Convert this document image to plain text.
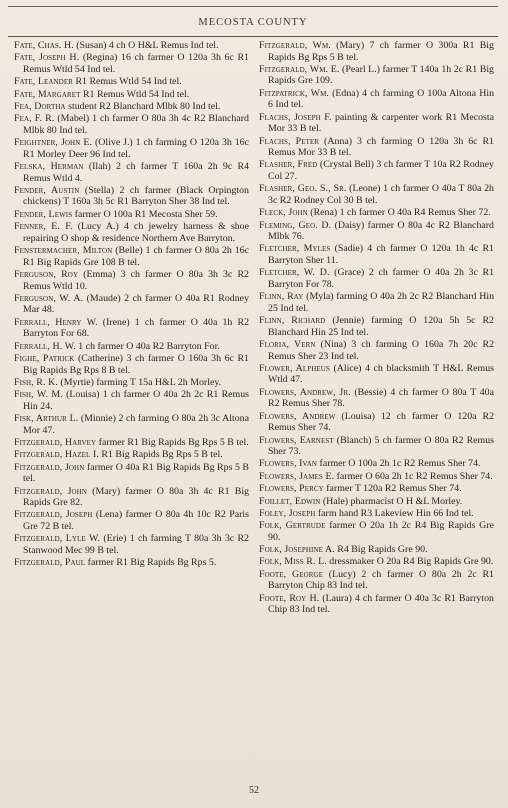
MECOSTA COUNTY
Fate, Chas. H. (Susan) 4 ch O H&L Remus Ind tel.
Fate, Joseph H. (Regina) 16 ch farmer O 120a 3h 6c R1 Remus Wtld 54 Ind tel.
Fate, Leander R1 Remus Wtld 54 Ind tel.
Fate, Margaret R1 Remus Wtld 54 Ind tel.
Fea, Dortha student R2 Blanchard Mlbk 80 Ind tel.
Fea, F. R. (Mabel) 1 ch farmer O 80a 3h 4c R2 Blanchard Mlbk 80 Ind tel.
Feightner, John E. (Olive J.) 1 ch farming O 120a 3h 16c R1 Morley Deer 96 Ind tel.
Felska, Herman (Ilah) 2 ch farmer T 160a 2h 9c R4 Remus Wtld 4.
Fender, Austin (Stella) 2 ch farmer (Black Orpington chickens) T 160a 3h 5c R1 Barryton Sher 38 Ind tel.
Fender, Lewis farmer O 100a R1 Mecosta Sher 59.
Fenner, E. F. (Lucy A.) 4 ch jewelry harness & shoe repairing O shop & residence Northern Ave Barryton.
Fenstermacher, Milton (Belle) 1 ch farmer O 80a 2h 16c R1 Big Rapids Gre 108 B tel.
Ferguson, Roy (Emma) 3 ch farmer O 80a 3h 3c R2 Remus Wtld 10.
Ferguson, W. A. (Maude) 2 ch farmer O 40a R1 Rodney Mar 48.
Ferrall, Henry W. (Irene) 1 ch farmer O 40a 1h R2 Barryton For 68.
Ferrall, H. W. 1 ch farmer O 40a R2 Barryton For.
Fighe, Patrick (Catherine) 3 ch farmer O 160a 3h 6c R1 Big Rapids Bg Rps 8 B tel.
Fish, R. K. (Myrtie) farming T 15a H&L 2h Morley.
Fish, W. M. (Louisa) 1 ch farmer O 40a 2h 2c R1 Remus Hin 24.
Fisk, Arthur L. (Minnie) 2 ch farming O 80a 2h 3c Altona Mor 47.
Fitzgerald, Harvey farmer R1 Big Rapids Bg Rps 5 B tel.
Fitzgerald, Hazel I. R1 Big Rapids Bg Rps 5 B tel.
Fitzgerald, John farmer O 40a R1 Big Rapids Bg Rps 5 B tel.
Fitzgerald, John (Mary) farmer O 80a 3h 4c R1 Big Rapids Gre 82.
Fitzgerald, Joseph (Lena) farmer O 80a 4h 10c R2 Paris Gre 72 B tel.
Fitzgerald, Lyle W. (Erie) 1 ch farming T 80a 3h 3c R2 Stanwood Mec 99 B tel.
Fitzgerald, Paul farmer R1 Big Rapids Bg Rps 5.
Fitzgerald, Wm. (Mary) 7 ch farmer O 300a R1 Big Rapids Bg Rps 5 B tel.
Fitzgerald, Wm. E. (Pearl L.) farmer T 140a 1h 2c R1 Big Rapids Gre 109.
Fitzpatrick, Wm. (Edna) 4 ch farming O 100a Altona Hin 6 Ind tel.
Flachs, Joseph F. painting & carpenter work R1 Mecosta Mor 33 B tel.
Flachs, Peter (Anna) 3 ch farming O 120a 3h 6c R1 Remus Mor 33 B tel.
Flasher, Fred (Crystal Bell) 3 ch farmer T 10a R2 Rodney Col 27.
Flasher, Geo. S., Sr. (Leone) 1 ch farmer O 40a T 80a 2h 3c R2 Rodney Col 30 B tel.
Fleck, John (Rena) 1 ch farmer O 40a R4 Remus Sher 72.
Fleming, Geo. D. (Daisy) farmer O 80a 4c R2 Blanchard Mlbk 76.
Fletcher, Myles (Sadie) 4 ch farmer O 120a 1h 4c R1 Barryton Sher 11.
Fletcher, W. D. (Grace) 2 ch farmer O 40a 2h 3c R1 Barryton For 78.
Flinn, Ray (Myla) farming O 40a 2h 2c R2 Blanchard Hin 25 Ind tel.
Flinn, Richard (Jennie) farming O 120a 5h 5c R2 Blanchard Hin 25 Ind tel.
Floria, Vern (Nina) 3 ch farming O 160a 7h 20c R2 Remus Sher 23 Ind tel.
Flower, Alpheus (Alice) 4 ch blacksmith T H&L Remus Wtld 47.
Flowers, Andrew, Jr. (Bessie) 4 ch farmer O 80a T 40a R2 Remus Sher 78.
Flowers, Andrew (Louisa) 12 ch farmer O 120a R2 Remus Sher 74.
Flowers, Earnest (Blanch) 5 ch farmer O 80a R2 Remus Sher 73.
Flowers, Ivan farmer O 100a 2h 1c R2 Remus Sher 74.
Flowers, James E. farmer O 60a 2h 1c R2 Remus Sher 74.
Flowers, Percy farmer T 120a R2 Remus Sher 74.
Foillet, Edwin (Hale) pharmacist O H &L Morley.
Foley, Joseph farm hand R3 Lakeview Hin 66 Ind tel.
Folk, Gertrude farmer O 20a 1h 2c R4 Big Rapids Gre 90.
Folk, Josephine A. R4 Big Rapids Gre 90.
Folk, Miss R. L. dressmaker O 20a R4 Big Rapids Gre 90.
Foote, George (Lucy) 2 ch farmer O 80a 2h 2c R1 Barryton Chip 83 Ind tel.
Foote, Roy H. (Laura) 4 ch farmer O 40a 3c R1 Barryton Chip 83 Ind tel.
52
